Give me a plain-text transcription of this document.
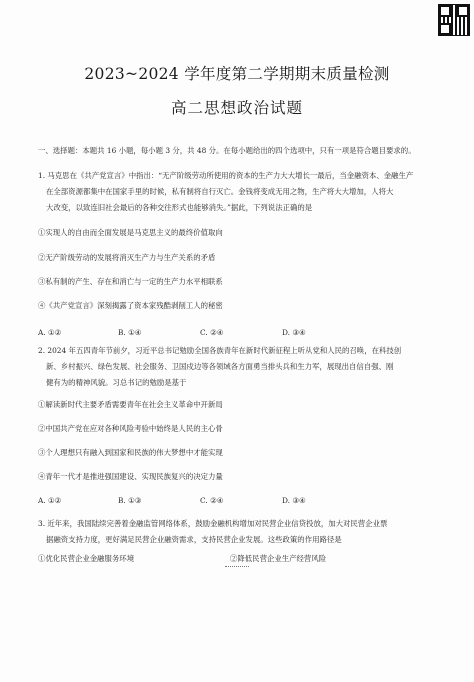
2023~2024 学年度第二学期期末质量检测
高二思想政治试题
一、选择题：本题共 16 小题，每小题 3 分，共 48 分。在每小题给出的四个选项中，只有一项是符合题目要求的。
1. 马克思在《共产党宣言》中指出：“无产阶级劳动所使用的资本的生产力大大增长一最后，当金融资本、金融生产
在全部资源都集中在国家手里的时候，私有制将自行灭亡。金钱将变成无用之物，生产将大大增加，人将大
大改变，以致连旧社会最后的各种交往形式也能够消失。”据此，下列说法正确的是
①实现人的自由而全面发展是马克思主义的最终价值取向
②无产阶级劳动的发展将消灭生产力与生产关系的矛盾
③私有制的产生、存在和消亡与一定的生产力水平相联系
④《共产党宣言》深刻揭露了资本家残酷剥削工人的秘密
A. ①②	B. ①④	C. ②④	D. ③④
2. 2024 年五四青年节前夕，习近平总书记勉励全国各族青年在新时代新征程上听从党和人民的召唤，在科技创
新、乡村振兴、绿色发展、社会服务、卫国戍边等各领域各方面勇当排头兵和生力军，展现出自信自强、刚
健有为的精神风貌。习总书记的勉励是基于
①解读新时代主要矛盾需要青年在社会主义革命中开新局
②中国共产党在应对各种风险考验中始终是人民的主心骨
③个人理想只有融入到国家和民族的伟大梦想中才能实现
④青年一代才是推进强国建设、实现民族复兴的决定力量
A. ①②	B. ①③	C. ②④	D. ③④
3. 近年来，我国陆续完善着金融监管网络体系，鼓励金融机构增加对民营企业信贷投放，加大对民营企业票
据融资支持力度，更好满足民营企业融资需求，支持民营企业发展。这些政策的作用路径是
①优化民营企业金融服务环境	②降低民营企业生产经营风险
